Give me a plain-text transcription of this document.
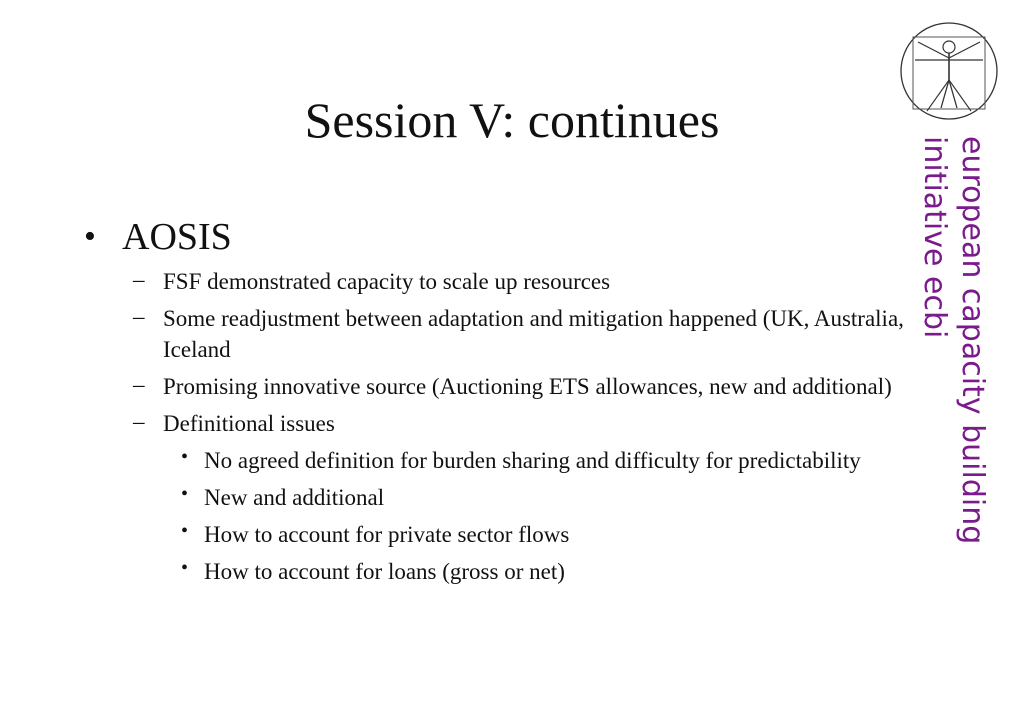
Session V: continues
• AOSIS
– FSF demonstrated capacity to scale up resources
– Some readjustment between adaptation and mitigation happened (UK, Australia, Iceland
– Promising innovative source (Auctioning ETS allowances, new and additional)
– Definitional issues
• No agreed definition for burden sharing and difficulty for predictability
• New and additional
• How to account for private sector flows
• How to account for loans (gross or net)
european capacity building
initiative ecbi
